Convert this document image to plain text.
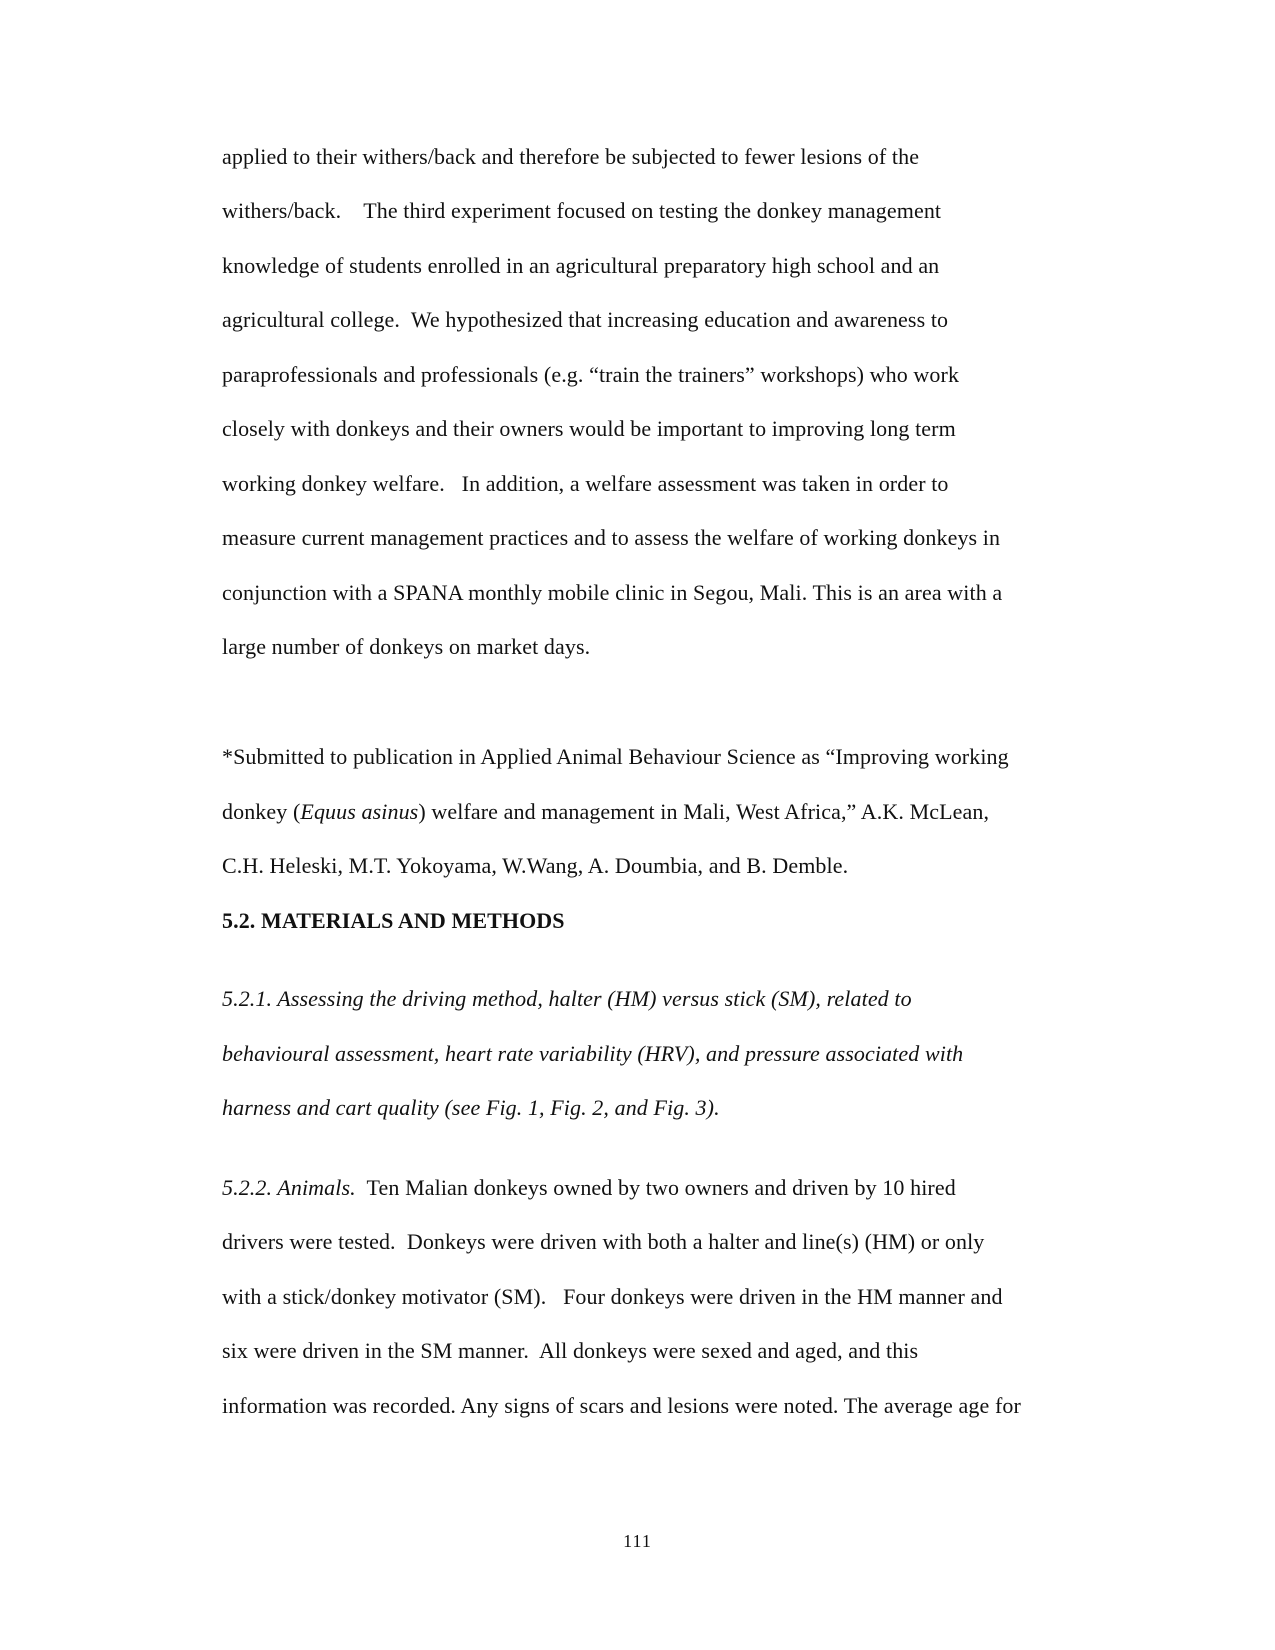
applied to their withers/back and therefore be subjected to fewer lesions of the
withers/back.    The third experiment focused on testing the donkey management
knowledge of students enrolled in an agricultural preparatory high school and an
agricultural college.  We hypothesized that increasing education and awareness to
paraprofessionals and professionals (e.g. “train the trainers” workshops) who work
closely with donkeys and their owners would be important to improving long term
working donkey welfare.   In addition, a welfare assessment was taken in order to
measure current management practices and to assess the welfare of working donkeys in
conjunction with a SPANA monthly mobile clinic in Segou, Mali. This is an area with a
large number of donkeys on market days.
*Submitted to publication in Applied Animal Behaviour Science as “Improving working
donkey (Equus asinus) welfare and management in Mali, West Africa,” A.K. McLean,
C.H. Heleski, M.T. Yokoyama, W.Wang, A. Doumbia, and B. Demble.
5.2. MATERIALS AND METHODS
5.2.1. Assessing the driving method, halter (HM) versus stick (SM), related to
behavioural assessment, heart rate variability (HRV), and pressure associated with
harness and cart quality (see Fig. 1, Fig. 2, and Fig. 3).
5.2.2. Animals.  Ten Malian donkeys owned by two owners and driven by 10 hired
drivers were tested.  Donkeys were driven with both a halter and line(s) (HM) or only
with a stick/donkey motivator (SM).   Four donkeys were driven in the HM manner and
six were driven in the SM manner.  All donkeys were sexed and aged, and this
information was recorded. Any signs of scars and lesions were noted. The average age for
111
